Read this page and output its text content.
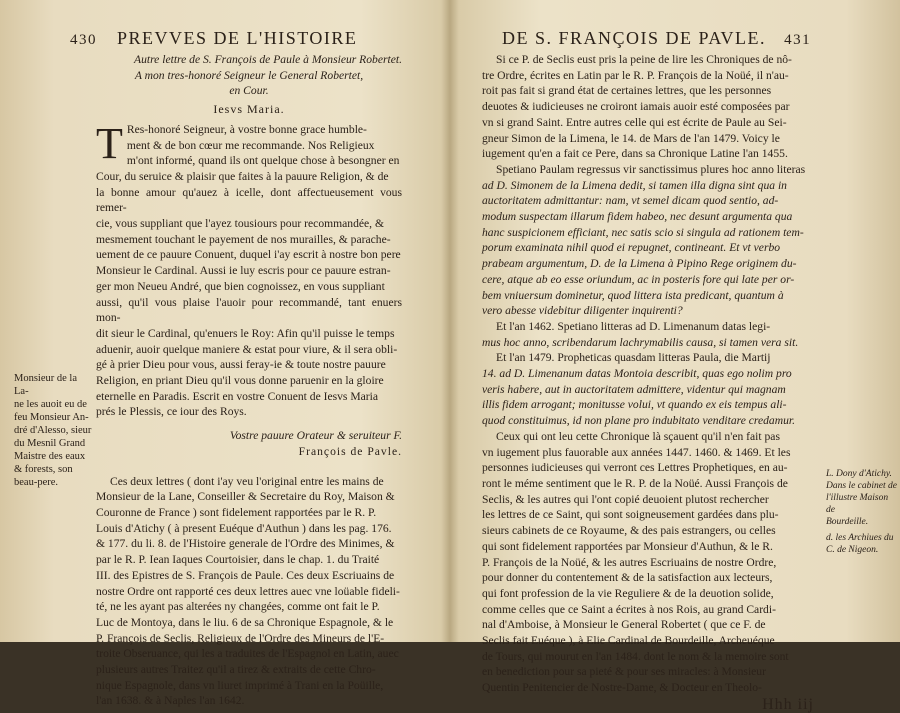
430 PREVVES DE L'HISTOIRE

Autre lettre de S. François de Paule à Monsieur Robertet.

A mon tres-honoré Seigneur le General Robertet,

en Cour.

Iesvs Maria.

T Res-honoré Seigneur, à vostre bonne grace humble-

ment & de bon cœur me recommande. Nos Religieux

m'ont informé, quand ils ont quelque chose à besongner en

Cour, du seruice & plaisir que faites à la pauure Religion, & de

la bonne amour qu'auez à icelle, dont affectueusement vous remer-

cie, vous suppliant que l'ayez tousiours pour recommandée, &

mesmement touchant le payement de nos murailles, & parache-

uement de ce pauure Conuent, duquel i'ay escrit à nostre bon pere

Monsieur le Cardinal. Aussi ie luy escris pour ce pauure estran-

ger mon Neueu André, que bien cognoissez, en vous suppliant

aussi, qu'il vous plaise l'auoir pour recommandé, tant enuers mon-

dit sieur le Cardinal, qu'enuers le Roy: Afin qu'il puisse le temps

aduenir, auoir quelque maniere & estat pour viure, & il sera obli-

gé à prier Dieu pour vous, aussi feray-ie & toute nostre pauure

Religion, en priant Dieu qu'il vous donne paruenir en la gloire

eternelle en Paradis. Escrit en vostre Conuent de Iesvs Maria

prés le Plessis, ce iour des Roys.

Vostre pauure Orateur & seruiteur F.

François de Pavle.

Ces deux lettres ( dont i'ay veu l'original entre les mains de

Monsieur de la Lane, Conseiller & Secretaire du Roy, Maison &

Couronne de France ) sont fidelement rapportées par le R. P.

Louis d'Atichy ( à present Euéque d'Authun ) dans les pag. 176.

& 177. du li. 8. de l'Histoire generale de l'Ordre des Minimes, &

par le R. P. Iean Iaques Courtoisier, dans le chap. 1. du Traité

III. des Epistres de S. François de Paule. Ces deux Escriuains de

nostre Ordre ont rapporté ces deux lettres auec vne loüable fideli-

té, ne les ayant pas alterées ny changées, comme ont fait le P.

Luc de Montoya, dans le liu. 6 de sa Chronique Espagnole, & le

P. François de Seclis, Religieux de l'Ordre des Mineurs de l'E-

troite Obseruance, qui les a traduites de l'Espagnol en Latin, auec

plusieurs autres Traitez qu'il a tirez & extraits de cette Chro-

nique Espagnole, dans vn liuret imprimé à Trani en la Poüille,

l'an 1638. & à Naples l'an 1642.

Monsieur de la La-
ne les auoit eu de
feu Monsieur An-
dré d'Alesso, sieur
du Mesnil Grand
Maistre des eaux
& forests, son
beau-pere.
DE S. FRANÇOIS DE PAVLE. 431

Si ce P. de Seclis eust pris la peine de lire les Chroniques de nô-

tre Ordre, écrites en Latin par le R. P. François de la Noüé, il n'au-

roit pas fait si grand état de certaines lettres, que les personnes

deuotes & iudicieuses ne croiront iamais auoir esté composées par

vn si grand Saint. Entre autres celle qui est écrite de Paule au Sei-

gneur Simon de la Limena, le 14. de Mars de l'an 1479. Voicy le

iugement qu'en a fait ce Pere, dans sa Chronique Latine l'an 1455.

Spetiano Paulam regressus vir sanctissimus plures hoc anno literas

ad D. Simonem de la Limena dedit, si tamen illa digna sint qua in

auctoritatem admittantur: nam, vt semel dicam quod sentio, ad-

modum suspectam illarum fidem habeo, nec desunt argumenta qua

hanc suspicionem efficiant, nec satis scio si singula ad rationem tem-

porum examinata nihil quod ei repugnet, contineant. Et vt verbo

prabeam argumentum, D. de la Limena à Pipino Rege originem du-

cere, atque ab eo esse oriundum, ac in posteris fore qui late per or-

bem vniuersum dominetur, quod littera ista predicant, quantum à

vero abesse videbitur diligenter inquirenti?

Et l'an 1462. Spetiano litteras ad D. Limenanum datas legi-

mus hoc anno, scribendarum lachrymabilis causa, si tamen vera sit.

Et l'an 1479. Propheticas quasdam litteras Paula, die Martij

14. ad D. Limenanum datas Montoia describit, quas ego nolim pro

veris habere, aut in auctoritatem admittere, videntur qui magnam

illis fidem arrogant; monitusse volui, vt quando ex eis tempus ali-

quod constituimus, id non plane pro indubitato venditare credamur.

Ceux qui ont leu cette Chronique là sçauent qu'il n'en fait pas

vn iugement plus fauorable aux années 1447. 1460. & 1469. Et les

personnes iudicieuses qui verront ces Lettres Prophetiques, en au-

ront le méme sentiment que le R. P. de la Noüé. Aussi François de

Seclis, & les autres qui l'ont copié deuoient plutost rechercher

les lettres de ce Saint, qui sont soigneusement gardées dans plu-

sieurs cabinets de ce Royaume, & des pais estrangers, ou celles

qui sont fidelement rapportées par Monsieur d'Authun, & le R.

P. François de la Noüé, & les autres Escriuains de nostre Ordre,

pour donner du contentement & de la satisfaction aux lecteurs,

qui font profession de la vie Reguliere & de la deuotion solide,

comme celles que ce Saint a écrites à nos Rois, au grand Cardi-

nal d'Amboise, à Monsieur le General Robertet ( que ce F. de

Seclis fait Euéque ), à Elie Cardinal de Bourdeille, Archeuéque

de Tours, qui mourut en l'an 1484. dont le nom & la memoire sont

en benediction pour sa pieté & pour ses miracles: à Monsieur

Quentin Penitencier de Nostre-Dame, & Docteur en Theolo-

Hhh iij

L. Dony d'Atichy.
Dans le cabinet de
l'illustre Maison de
Bourdeille.
d. les Archiues du
C. de Nigeon.
